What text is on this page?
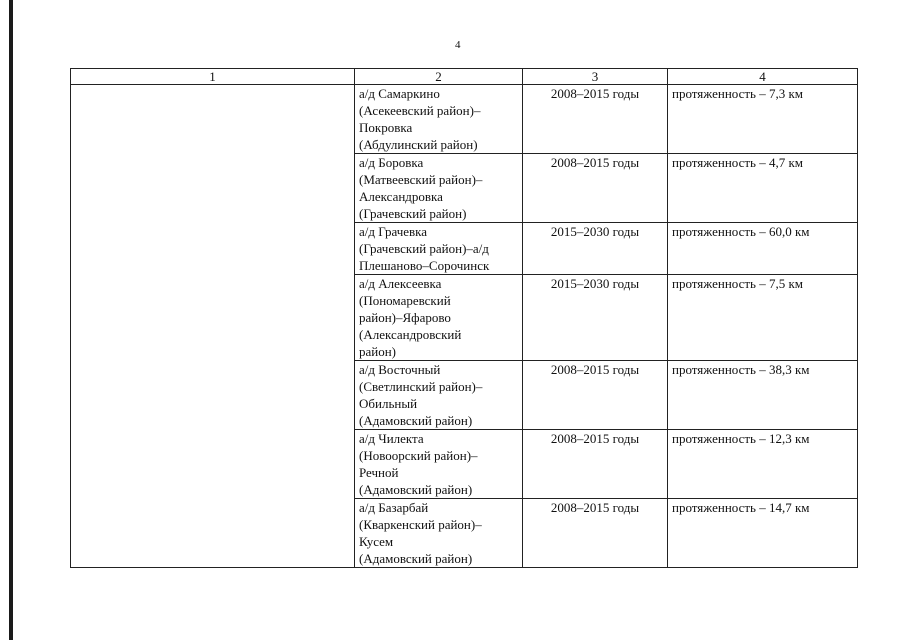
4
1	2	3	4

	а/д Самаркино
(Асекеевский район)–
Покровка
(Абдулинский район)	2008–2015 годы	протяженность – 7,3 км

	а/д Боровка
(Матвеевский район)–
Александровка
(Грачевский район)	2008–2015 годы	протяженность – 4,7 км

	а/д Грачевка
(Грачевский район)–а/д
Плешаново–Сорочинск	2015–2030 годы	протяженность – 60,0 км

	а/д Алексеевка
(Пономаревский
район)–Яфарово
(Александровский
район)	2015–2030 годы	протяженность – 7,5 км

	а/д Восточный
(Светлинский район)–
Обильный
(Адамовский район)	2008–2015 годы	протяженность – 38,3 км

	а/д Чилекта
(Новоорский район)–
Речной
(Адамовский район)	2008–2015 годы	протяженность – 12,3 км

	а/д Базарбай
(Кваркенский район)–
Кусем
(Адамовский район)	2008–2015 годы	протяженность – 14,7 км
